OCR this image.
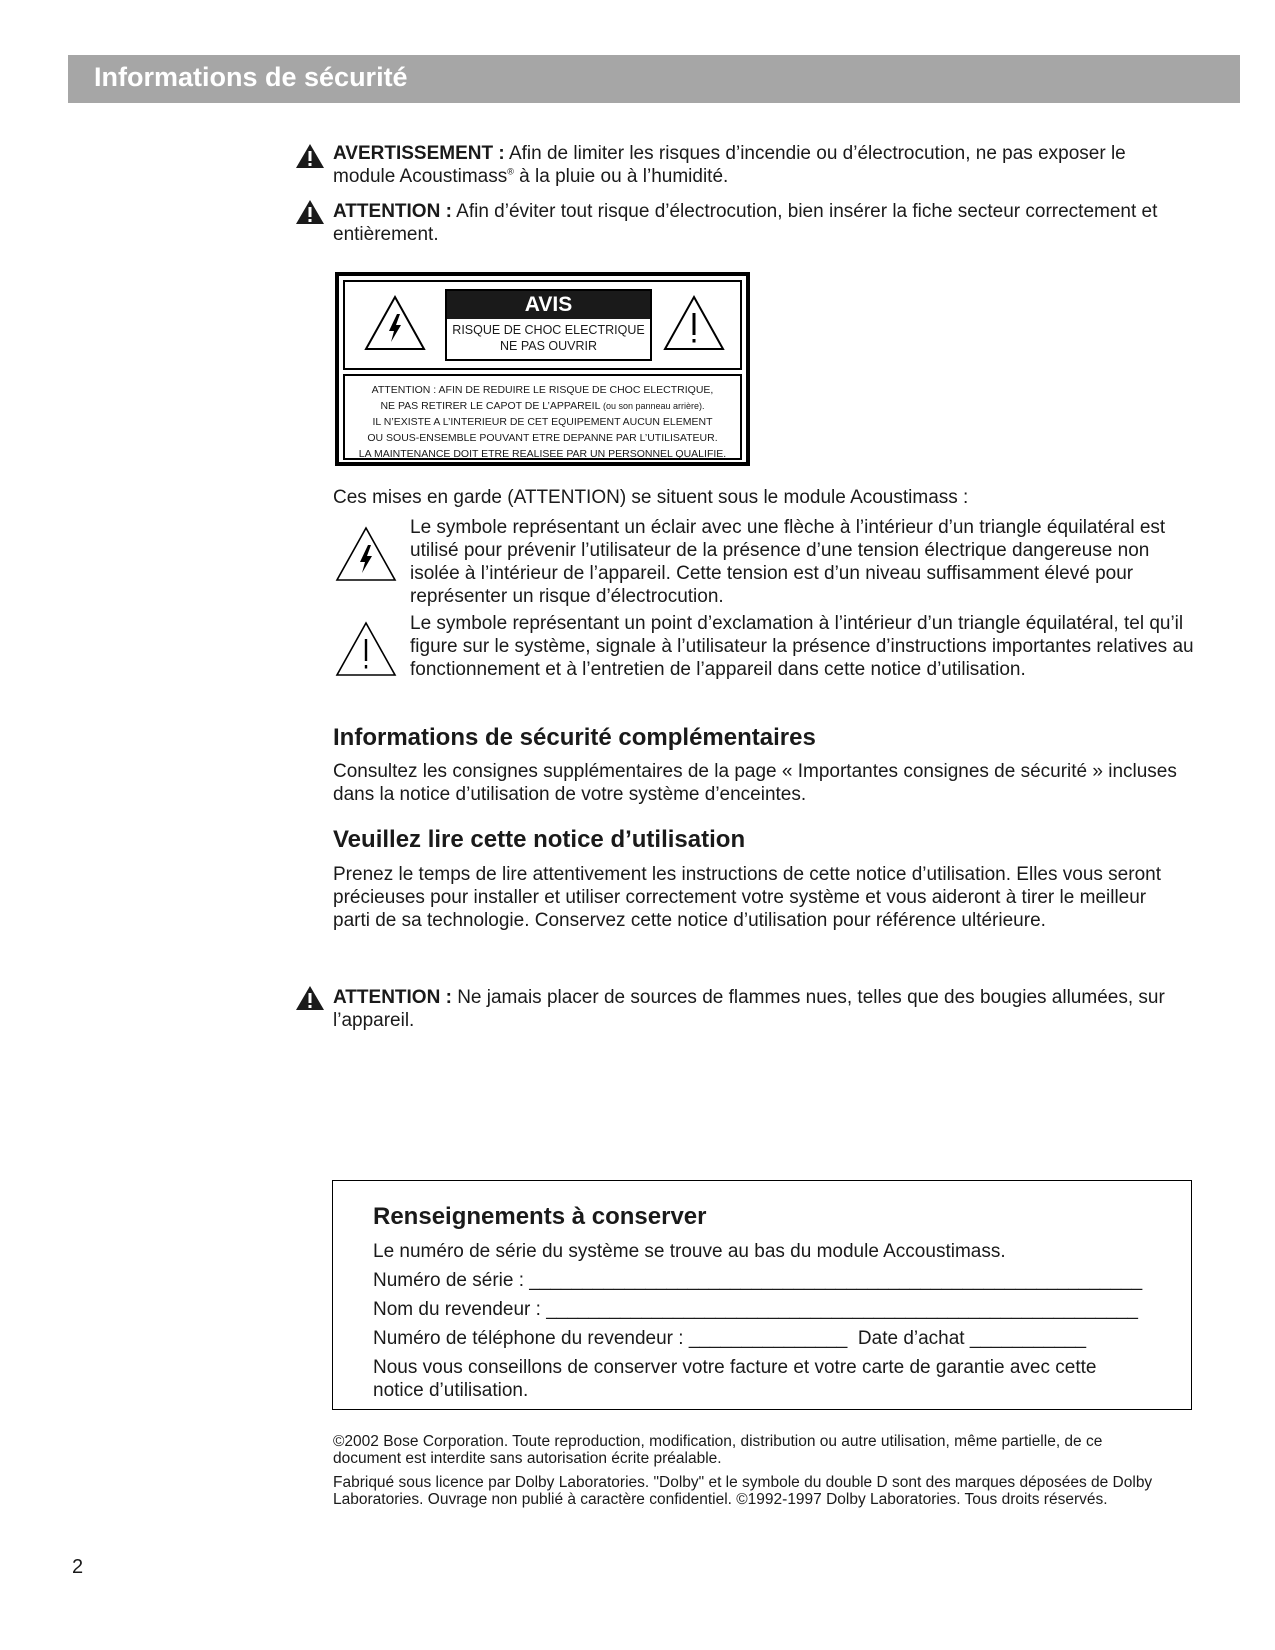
Informations de sécurité
AVERTISSEMENT : Afin de limiter les risques d’incendie ou d’électrocution, ne pas exposer le module Acoustimass® à la pluie ou à l’humidité.
ATTENTION : Afin d’éviter tout risque d’électrocution, bien insérer la fiche secteur correctement et entièrement.
AVIS
RISQUE DE CHOC ELECTRIQUE
NE PAS OUVRIR
ATTENTION : AFIN DE REDUIRE LE RISQUE DE CHOC ELECTRIQUE,
NE PAS RETIRER LE CAPOT DE L’APPAREIL (ou son panneau arrière).
IL N’EXISTE A L’INTERIEUR DE CET EQUIPEMENT AUCUN ELEMENT
OU SOUS-ENSEMBLE POUVANT ETRE DEPANNE PAR L’UTILISATEUR.
LA MAINTENANCE DOIT ETRE REALISEE PAR UN PERSONNEL QUALIFIE.
Ces mises en garde (ATTENTION) se situent sous le module Acoustimass :
Le symbole représentant un éclair avec une flèche à l’intérieur d’un triangle équilatéral est utilisé pour prévenir l’utilisateur de la présence d’une tension électrique dangereuse non isolée à l’intérieur de l’appareil. Cette tension est d’un niveau suffisamment élevé pour représenter un risque d’électrocution.
Le symbole représentant un point d’exclamation à l’intérieur d’un triangle équilatéral, tel qu’il figure sur le système, signale à l’utilisateur la présence d’instructions importantes relatives au fonctionnement et à l’entretien de l’appareil dans cette notice d’utilisation.
Informations de sécurité complémentaires
Consultez les consignes supplémentaires de la page « Importantes consignes de sécurité » incluses dans la notice d’utilisation de votre système d’enceintes.
Veuillez lire cette notice d’utilisation
Prenez le temps de lire attentivement les instructions de cette notice d’utilisation. Elles vous seront précieuses pour installer et utiliser correctement votre système et vous aideront à tirer le meilleur parti de sa technologie. Conservez cette notice d’utilisation pour référence ultérieure.
ATTENTION : Ne jamais placer de sources de flammes nues, telles que des bougies allumées, sur l’appareil.
Renseignements à conserver
Le numéro de série du système se trouve au bas du module Accoustimass.
Numéro de série : __________________________________________________________
Nom du revendeur : ________________________________________________________
Numéro de téléphone du revendeur : _______________  Date d’achat ___________
Nous vous conseillons de conserver votre facture et votre carte de garantie avec cette notice d’utilisation.
©2002 Bose Corporation. Toute reproduction, modification, distribution ou autre utilisation, même partielle, de ce document est interdite sans autorisation écrite préalable.
Fabriqué sous licence par Dolby Laboratories. "Dolby" et le symbole du double D sont des marques déposées de Dolby Laboratories. Ouvrage non publié à caractère confidentiel. ©1992-1997 Dolby Laboratories. Tous droits réservés.
2
